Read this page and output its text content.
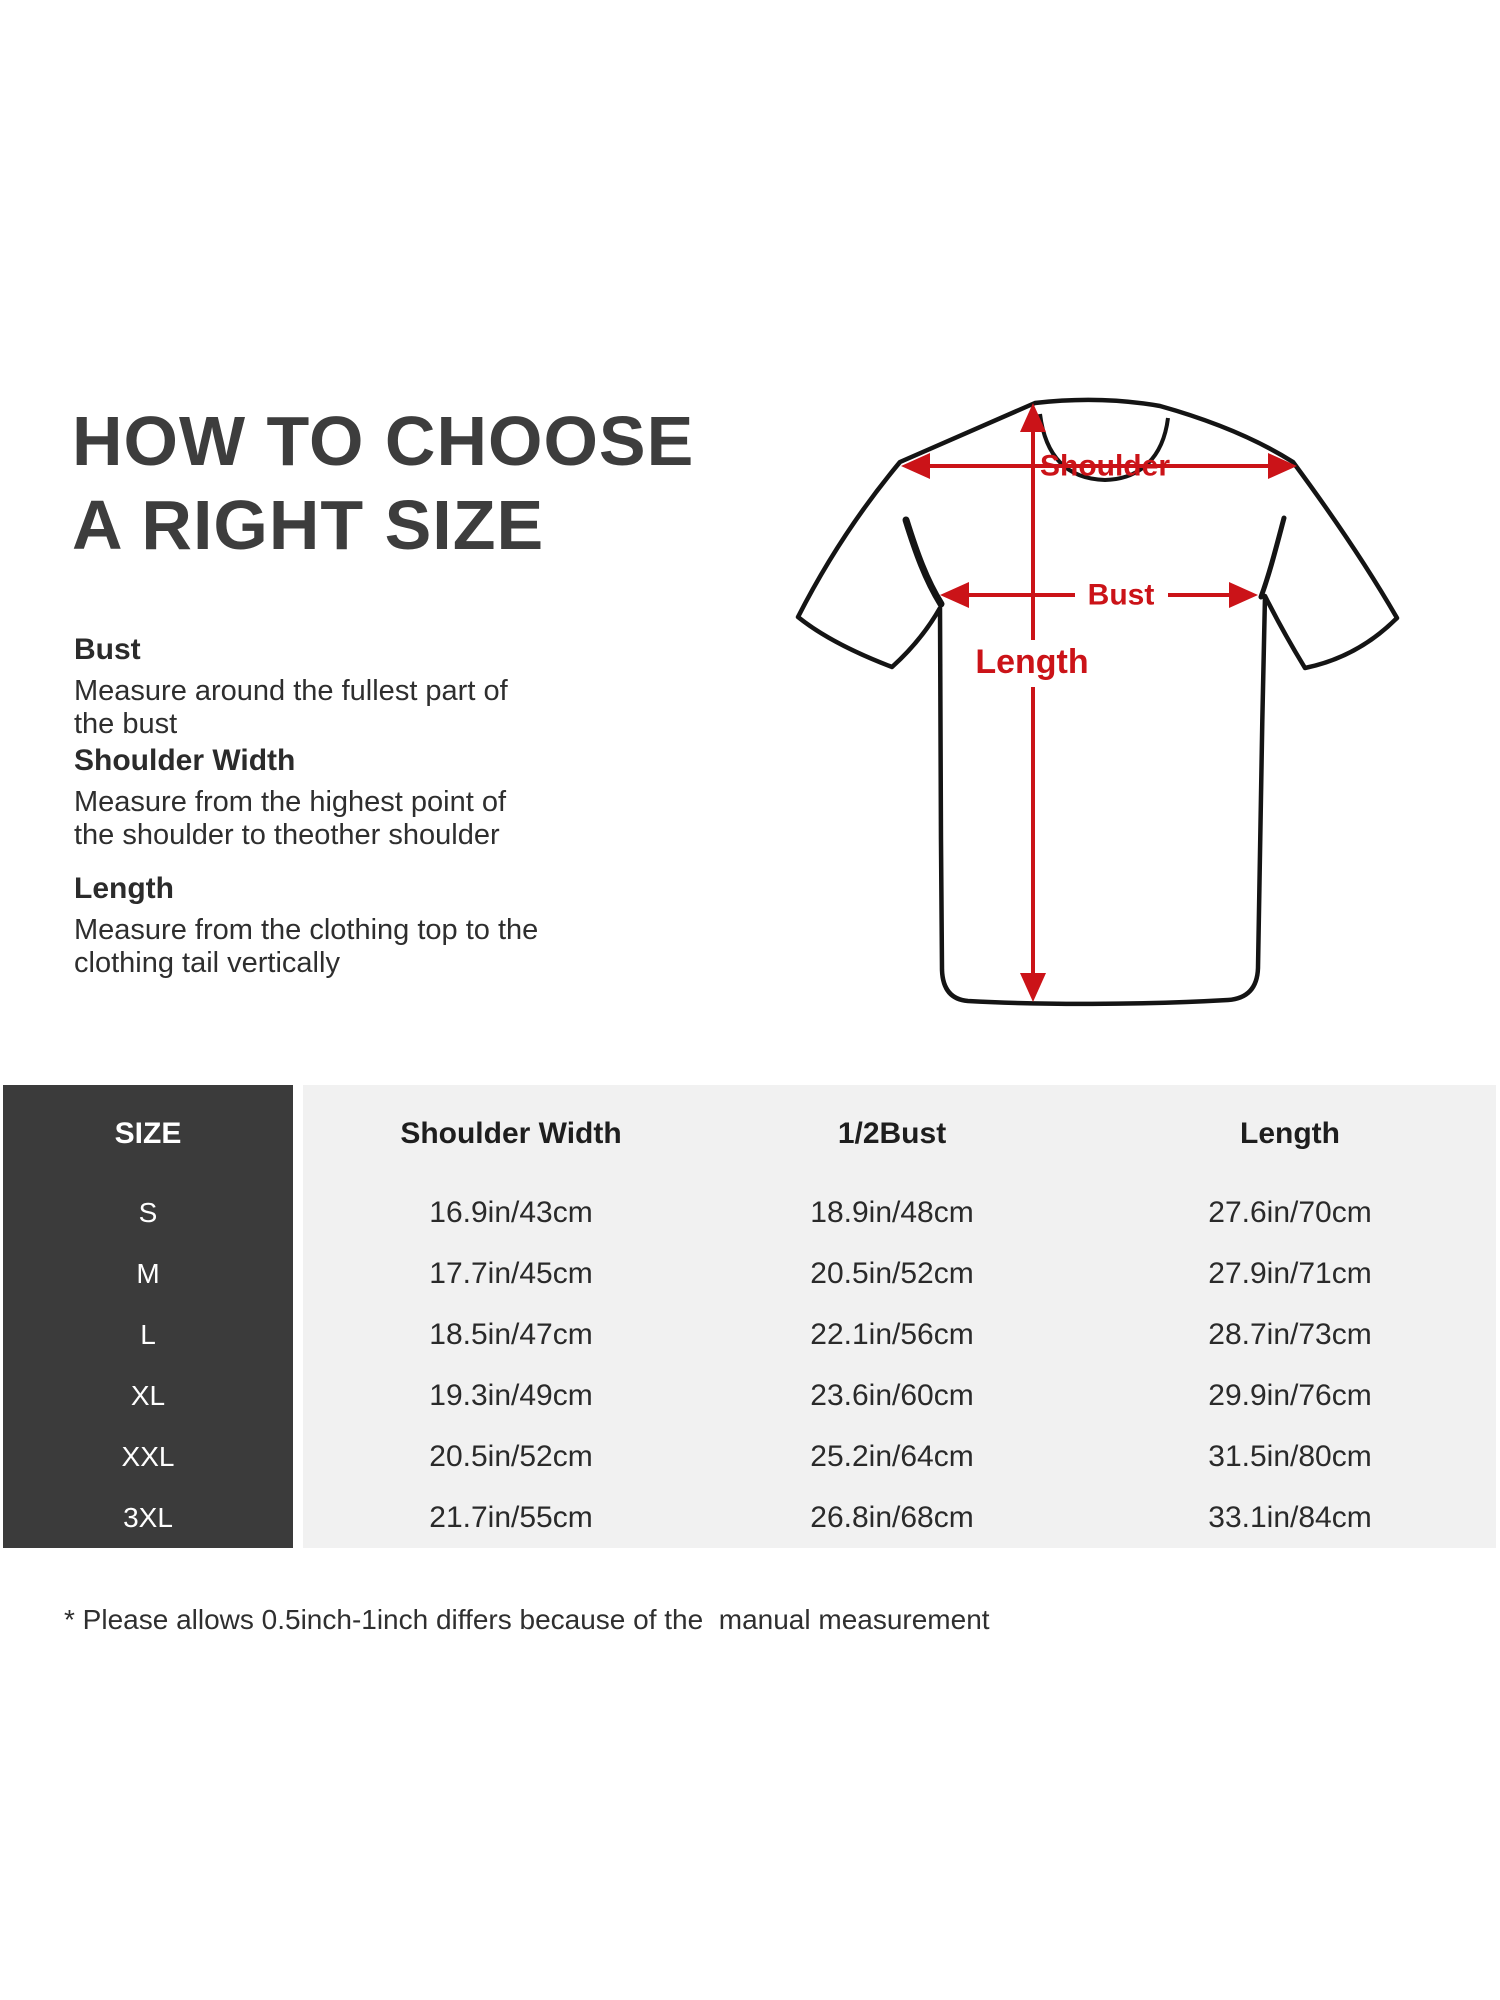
HOW TO CHOOSE
A RIGHT SIZE
Bust

Measure around the fullest part of the bust

Shoulder Width

Measure from the highest point of the shoulder to theother shoulder

Length

Measure from the clothing top to the clothing tail vertically

Shoulder
Bust
Length
SIZE	Shoulder Width	1/2Bust	Length
S	16.9in/43cm	18.9in/48cm	27.6in/70cm
M	17.7in/45cm	20.5in/52cm	27.9in/71cm
L	18.5in/47cm	22.1in/56cm	28.7in/73cm
XL	19.3in/49cm	23.6in/60cm	29.9in/76cm
XXL	20.5in/52cm	25.2in/64cm	31.5in/80cm
3XL	21.7in/55cm	26.8in/68cm	33.1in/84cm
* Please allows 0.5inch-1inch differs because of the  manual measurement
